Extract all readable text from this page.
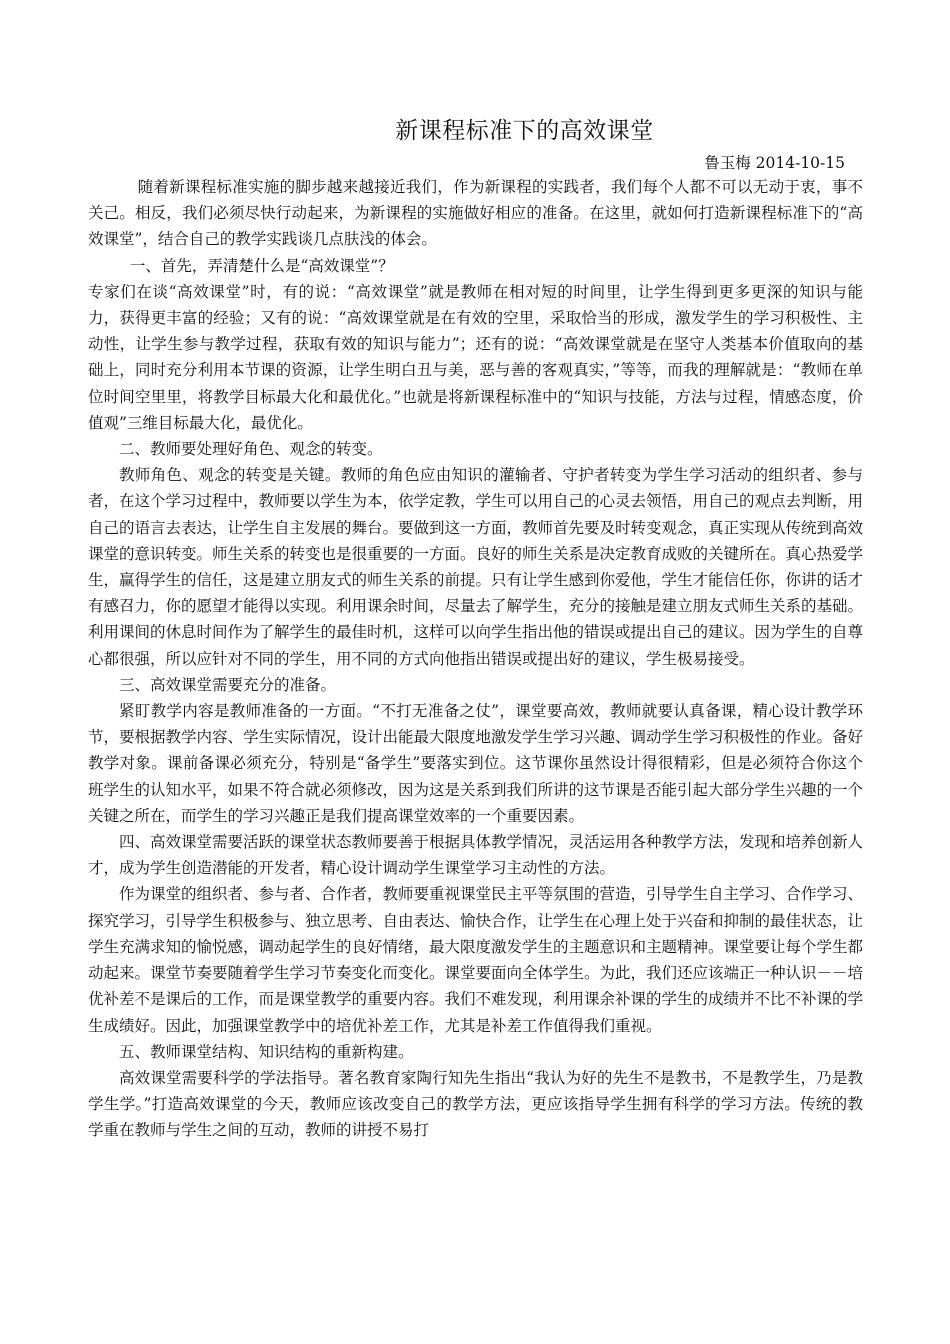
新课程标准下的高效课堂
鲁玉梅 2014-10-15

随着新课程标准实施的脚步越来越接近我们，作为新课程的实践者，我们每个人都不可以无动于衷，事不关己。相反，我们必须尽快行动起来，为新课程的实施做好相应的准备。在这里，就如何打造新课程标准下的“高效课堂”，结合自己的教学实践谈几点肤浅的体会。

一、首先，弄清楚什么是“高效课堂”？

专家们在谈“高效课堂”时，有的说：“高效课堂”就是教师在相对短的时间里，让学生得到更多更深的知识与能力，获得更丰富的经验；又有的说：“高效课堂就是在有效的空里，采取恰当的形成，激发学生的学习积极性、主动性，让学生参与教学过程，获取有效的知识与能力”；还有的说：“高效课堂就是在坚守人类基本价值取向的基础上，同时充分利用本节课的资源，让学生明白丑与美，恶与善的客观真实，”等等，而我的理解就是：“教师在单位时间空里里，将教学目标最大化和最优化。”也就是将新课程标准中的“知识与技能，方法与过程，情感态度，价值观”三维目标最大化，最优化。

二、教师要处理好角色、观念的转变。

教师角色、观念的转变是关键。教师的角色应由知识的灌输者、守护者转变为学生学习活动的组织者、参与者，在这个学习过程中，教师要以学生为本，依学定教，学生可以用自己的心灵去领悟，用自己的观点去判断，用自己的语言去表达，让学生自主发展的舞台。要做到这一方面，教师首先要及时转变观念，真正实现从传统到高效课堂的意识转变。师生关系的转变也是很重要的一方面。良好的师生关系是决定教育成败的关键所在。真心热爱学生，赢得学生的信任，这是建立朋友式的师生关系的前提。只有让学生感到你爱他，学生才能信任你，你讲的话才有感召力，你的愿望才能得以实现。利用课余时间，尽量去了解学生，充分的接触是建立朋友式师生关系的基础。利用课间的休息时间作为了解学生的最佳时机，这样可以向学生指出他的错误或提出自己的建议。因为学生的自尊心都很强，所以应针对不同的学生，用不同的方式向他指出错误或提出好的建议，学生极易接受。

三、高效课堂需要充分的准备。

紧盯教学内容是教师准备的一方面。“不打无准备之仗”，课堂要高效，教师就要认真备课，精心设计教学环节，要根据教学内容、学生实际情况，设计出能最大限度地激发学生学习兴趣、调动学生学习积极性的作业。备好教学对象。课前备课必须充分，特别是“备学生”要落实到位。这节课你虽然设计得很精彩，但是必须符合你这个班学生的认知水平，如果不符合就必须修改，因为这是关系到我们所讲的这节课是否能引起大部分学生兴趣的一个关键之所在，而学生的学习兴趣正是我们提高课堂效率的一个重要因素。

四、高效课堂需要活跃的课堂状态教师要善于根据具体教学情况，灵活运用各种教学方法，发现和培养创新人才，成为学生创造潜能的开发者，精心设计调动学生课堂学习主动性的方法。

作为课堂的组织者、参与者、合作者，教师要重视课堂民主平等氛围的营造，引导学生自主学习、合作学习、探究学习，引导学生积极参与、独立思考、自由表达、愉快合作，让学生在心理上处于兴奋和抑制的最佳状态，让学生充满求知的愉悦感，调动起学生的良好情绪，最大限度激发学生的主题意识和主题精神。课堂要让每个学生都动起来。课堂节奏要随着学生学习节奏变化而变化。课堂要面向全体学生。为此，我们还应该端正一种认识－－培优补差不是课后的工作，而是课堂教学的重要内容。我们不难发现，利用课余补课的学生的成绩并不比不补课的学生成绩好。因此，加强课堂教学中的培优补差工作，尤其是补差工作值得我们重视。

五、教师课堂结构、知识结构的重新构建。

高效课堂需要科学的学法指导。著名教育家陶行知先生指出“我认为好的先生不是教书，不是教学生，乃是教学生学。”打造高效课堂的今天，教师应该改变自己的教学方法，更应该指导学生拥有科学的学习方法。传统的教学重在教师与学生之间的互动，教师的讲授不易打
